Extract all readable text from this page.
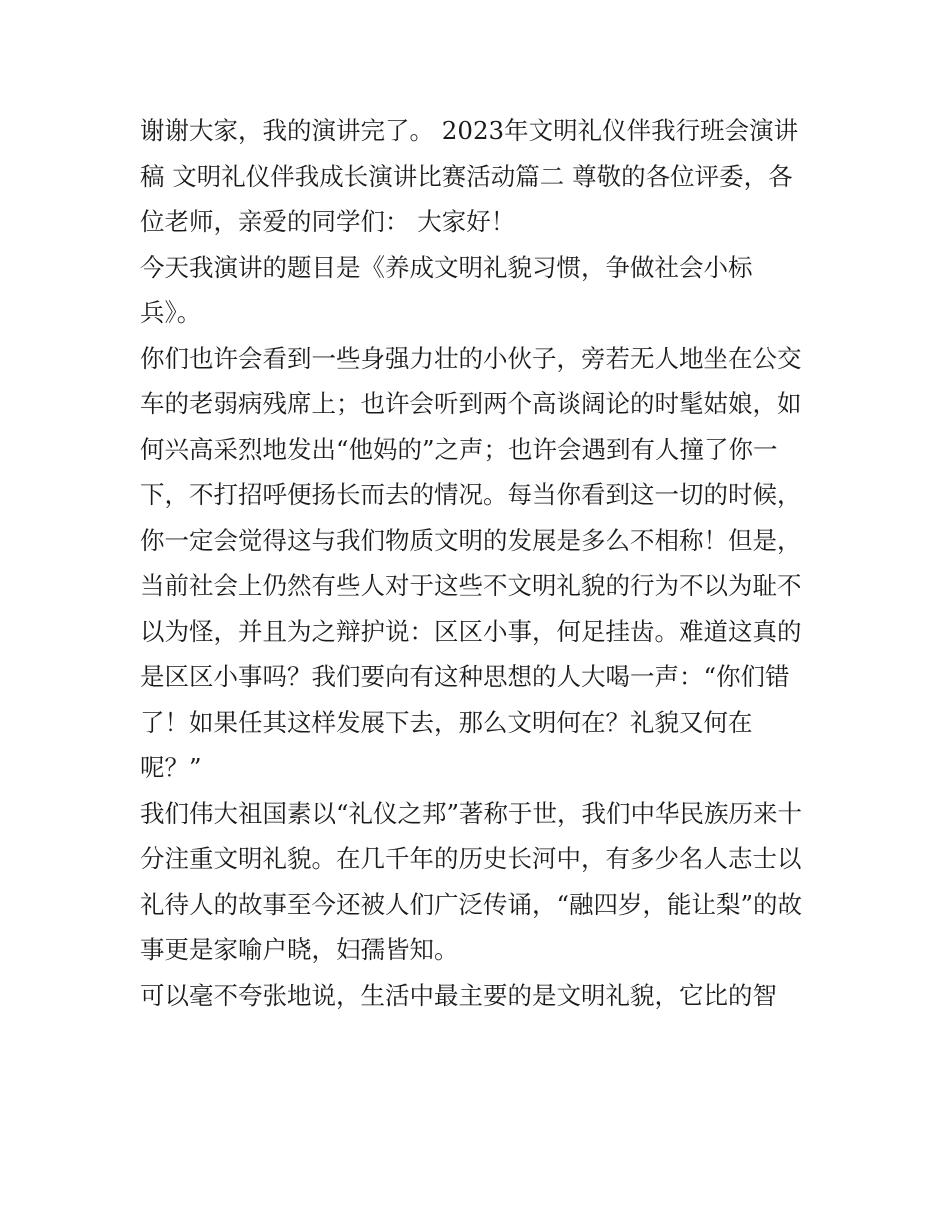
谢谢大家，我的演讲完了。 2023年文明礼仪伴我行班会演讲
稿 文明礼仪伴我成长演讲比赛活动篇二 尊敬的各位评委，各
位老师，亲爱的同学们： 大家好！

今天我演讲的题目是《养成文明礼貌习惯，争做社会小标
兵》。

你们也许会看到一些身强力壮的小伙子，旁若无人地坐在公交
车的老弱病残席上；也许会听到两个高谈阔论的时髦姑娘，如
何兴高采烈地发出“他妈的”之声；也许会遇到有人撞了你一
下，不打招呼便扬长而去的情况。每当你看到这一切的时候，
你一定会觉得这与我们物质文明的发展是多么不相称！但是，
当前社会上仍然有些人对于这些不文明礼貌的行为不以为耻不
以为怪，并且为之辩护说：区区小事，何足挂齿。难道这真的
是区区小事吗？我们要向有这种思想的人大喝一声：“你们错
了！如果任其这样发展下去，那么文明何在？礼貌又何在
呢？”

我们伟大祖国素以“礼仪之邦”著称于世，我们中华民族历来十
分注重文明礼貌。在几千年的历史长河中，有多少名人志士以
礼待人的故事至今还被人们广泛传诵，“融四岁，能让梨”的故
事更是家喻户晓，妇孺皆知。

可以毫不夸张地说，生活中最主要的是文明礼貌，它比的智
